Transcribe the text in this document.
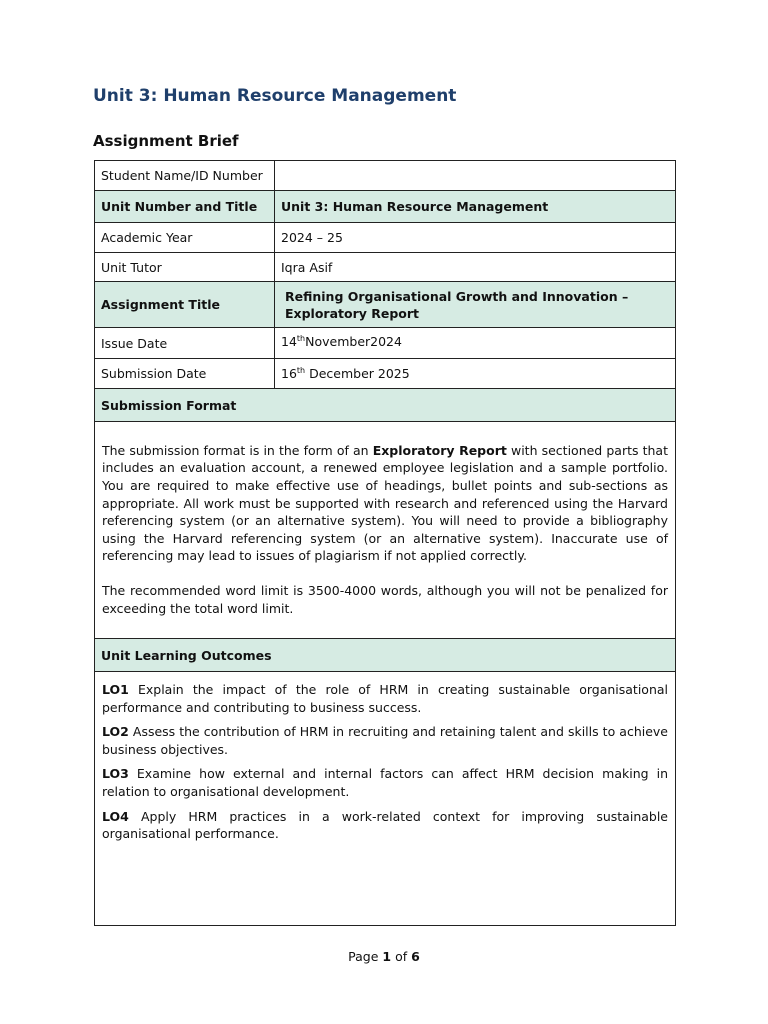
Unit 3: Human Resource Management
Assignment Brief
Student Name/ID Number	
Unit Number and Title	Unit 3: Human Resource Management
Academic Year	2024 – 25
Unit Tutor	Iqra Asif
Assignment Title	Refining Organisational Growth and Innovation –
Exploratory Report

Issue Date	14thNovember2024
Submission Date	16th December 2025
Submission Format	

The submission format is in the form of an Exploratory Report with sectioned parts that includes an evaluation account, a renewed employee legislation and a sample portfolio. You are required to make effective use of headings, bullet points and sub-sections as appropriate. All work must be supported with research and referenced using the Harvard referencing system (or an alternative system). You will need to provide a bibliography using the Harvard referencing system (or an alternative system). Inaccurate use of referencing may lead to issues of plagiarism if not applied correctly.

The recommended word limit is 3500-4000 words, although you will not be penalized for exceeding the total word limit.	

Unit Learning Outcomes	

LO1 Explain the impact of the role of HRM in creating sustainable organisational performance and contributing to business success.

LO2 Assess the contribution of HRM in recruiting and retaining talent and skills to achieve business objectives.

LO3 Examine how external and internal factors can affect HRM decision making in relation to organisational development.

LO4 Apply HRM practices in a work-related context for improving sustainable organisational performance.	

Page 1 of 6
